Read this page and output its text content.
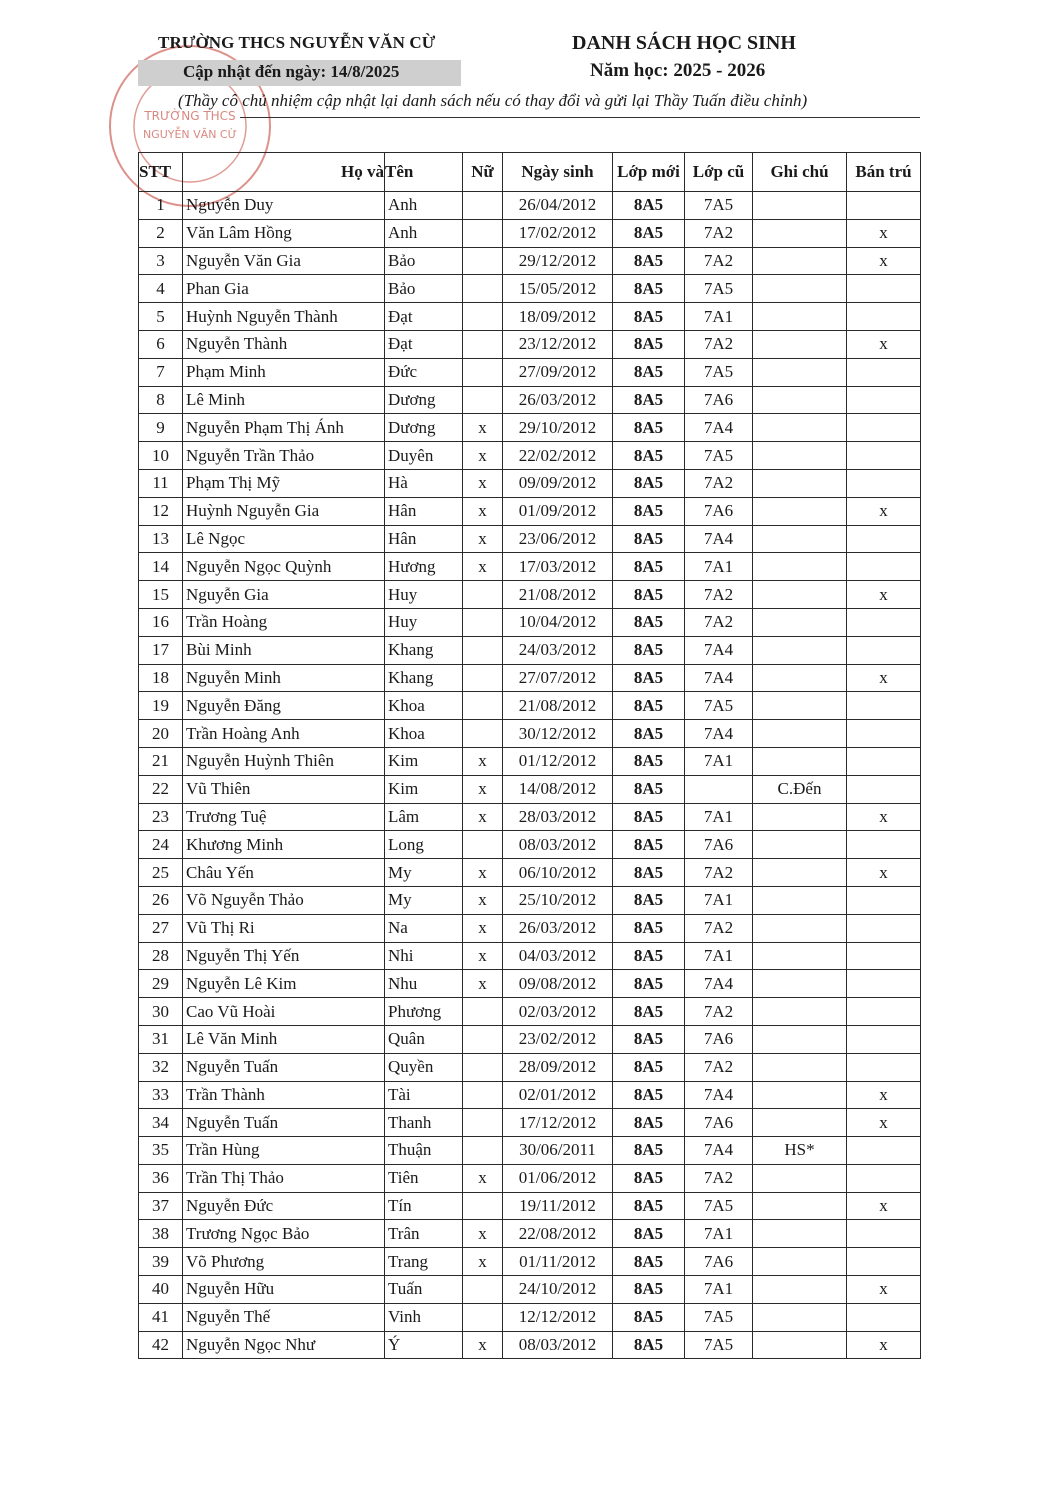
TRƯỜNG THCS
NGUYỄN VĂN CỪ
TRƯỜNG THCS NGUYỄN VĂN CỪ
Cập nhật đến ngày: 14/8/2025
DANH SÁCH HỌC SINH
Năm học: 2025 - 2026
(Thầy cô chủ nhiệm cập nhật lại danh sách nếu có thay đổi và gửi lại Thầy Tuấn điều chỉnh)
STT	Họ và	Tên	Nữ	Ngày sinh	Lớp mới	Lớp cũ	Ghi chú	Bán trú
1	Nguyễn Duy	Anh		26/04/2012	8A5	7A5		
2	Văn Lâm Hồng	Anh		17/02/2012	8A5	7A2		x
3	Nguyễn Văn Gia	Bảo		29/12/2012	8A5	7A2		x
4	Phan Gia	Bảo		15/05/2012	8A5	7A5		
5	Huỳnh Nguyễn Thành	Đạt		18/09/2012	8A5	7A1		
6	Nguyễn Thành	Đạt		23/12/2012	8A5	7A2		x
7	Phạm Minh	Đức		27/09/2012	8A5	7A5		
8	Lê Minh	Dương		26/03/2012	8A5	7A6		
9	Nguyễn Phạm Thị Ánh	Dương	x	29/10/2012	8A5	7A4		
10	Nguyễn Trần Thảo	Duyên	x	22/02/2012	8A5	7A5		
11	Phạm Thị Mỹ	Hà	x	09/09/2012	8A5	7A2		
12	Huỳnh Nguyễn Gia	Hân	x	01/09/2012	8A5	7A6		x
13	Lê Ngọc	Hân	x	23/06/2012	8A5	7A4		
14	Nguyễn Ngọc Quỳnh	Hương	x	17/03/2012	8A5	7A1		
15	Nguyễn Gia	Huy		21/08/2012	8A5	7A2		x
16	Trần Hoàng	Huy		10/04/2012	8A5	7A2		
17	Bùi Minh	Khang		24/03/2012	8A5	7A4		
18	Nguyễn Minh	Khang		27/07/2012	8A5	7A4		x
19	Nguyễn Đăng	Khoa		21/08/2012	8A5	7A5		
20	Trần Hoàng Anh	Khoa		30/12/2012	8A5	7A4		
21	Nguyễn Huỳnh Thiên	Kim	x	01/12/2012	8A5	7A1		
22	Vũ Thiên	Kim	x	14/08/2012	8A5		C.Đến	
23	Trương Tuệ	Lâm	x	28/03/2012	8A5	7A1		x
24	Khương Minh	Long		08/03/2012	8A5	7A6		
25	Châu Yến	My	x	06/10/2012	8A5	7A2		x
26	Võ Nguyễn Thảo	My	x	25/10/2012	8A5	7A1		
27	Vũ Thị Ri	Na	x	26/03/2012	8A5	7A2		
28	Nguyễn Thị Yến	Nhi	x	04/03/2012	8A5	7A1		
29	Nguyễn Lê Kim	Nhu	x	09/08/2012	8A5	7A4		
30	Cao Vũ Hoài	Phương		02/03/2012	8A5	7A2		
31	Lê Văn Minh	Quân		23/02/2012	8A5	7A6		
32	Nguyễn Tuấn	Quyền		28/09/2012	8A5	7A2		
33	Trần Thành	Tài		02/01/2012	8A5	7A4		x
34	Nguyễn Tuấn	Thanh		17/12/2012	8A5	7A6		x
35	Trần Hùng	Thuận		30/06/2011	8A5	7A4	HS*	
36	Trần Thị Thảo	Tiên	x	01/06/2012	8A5	7A2		
37	Nguyễn Đức	Tín		19/11/2012	8A5	7A5		x
38	Trương Ngọc Bảo	Trân	x	22/08/2012	8A5	7A1		
39	Võ Phương	Trang	x	01/11/2012	8A5	7A6		
40	Nguyễn Hữu	Tuấn		24/10/2012	8A5	7A1		x
41	Nguyễn Thế	Vinh		12/12/2012	8A5	7A5		
42	Nguyễn Ngọc Như	Ý	x	08/03/2012	8A5	7A5		x
